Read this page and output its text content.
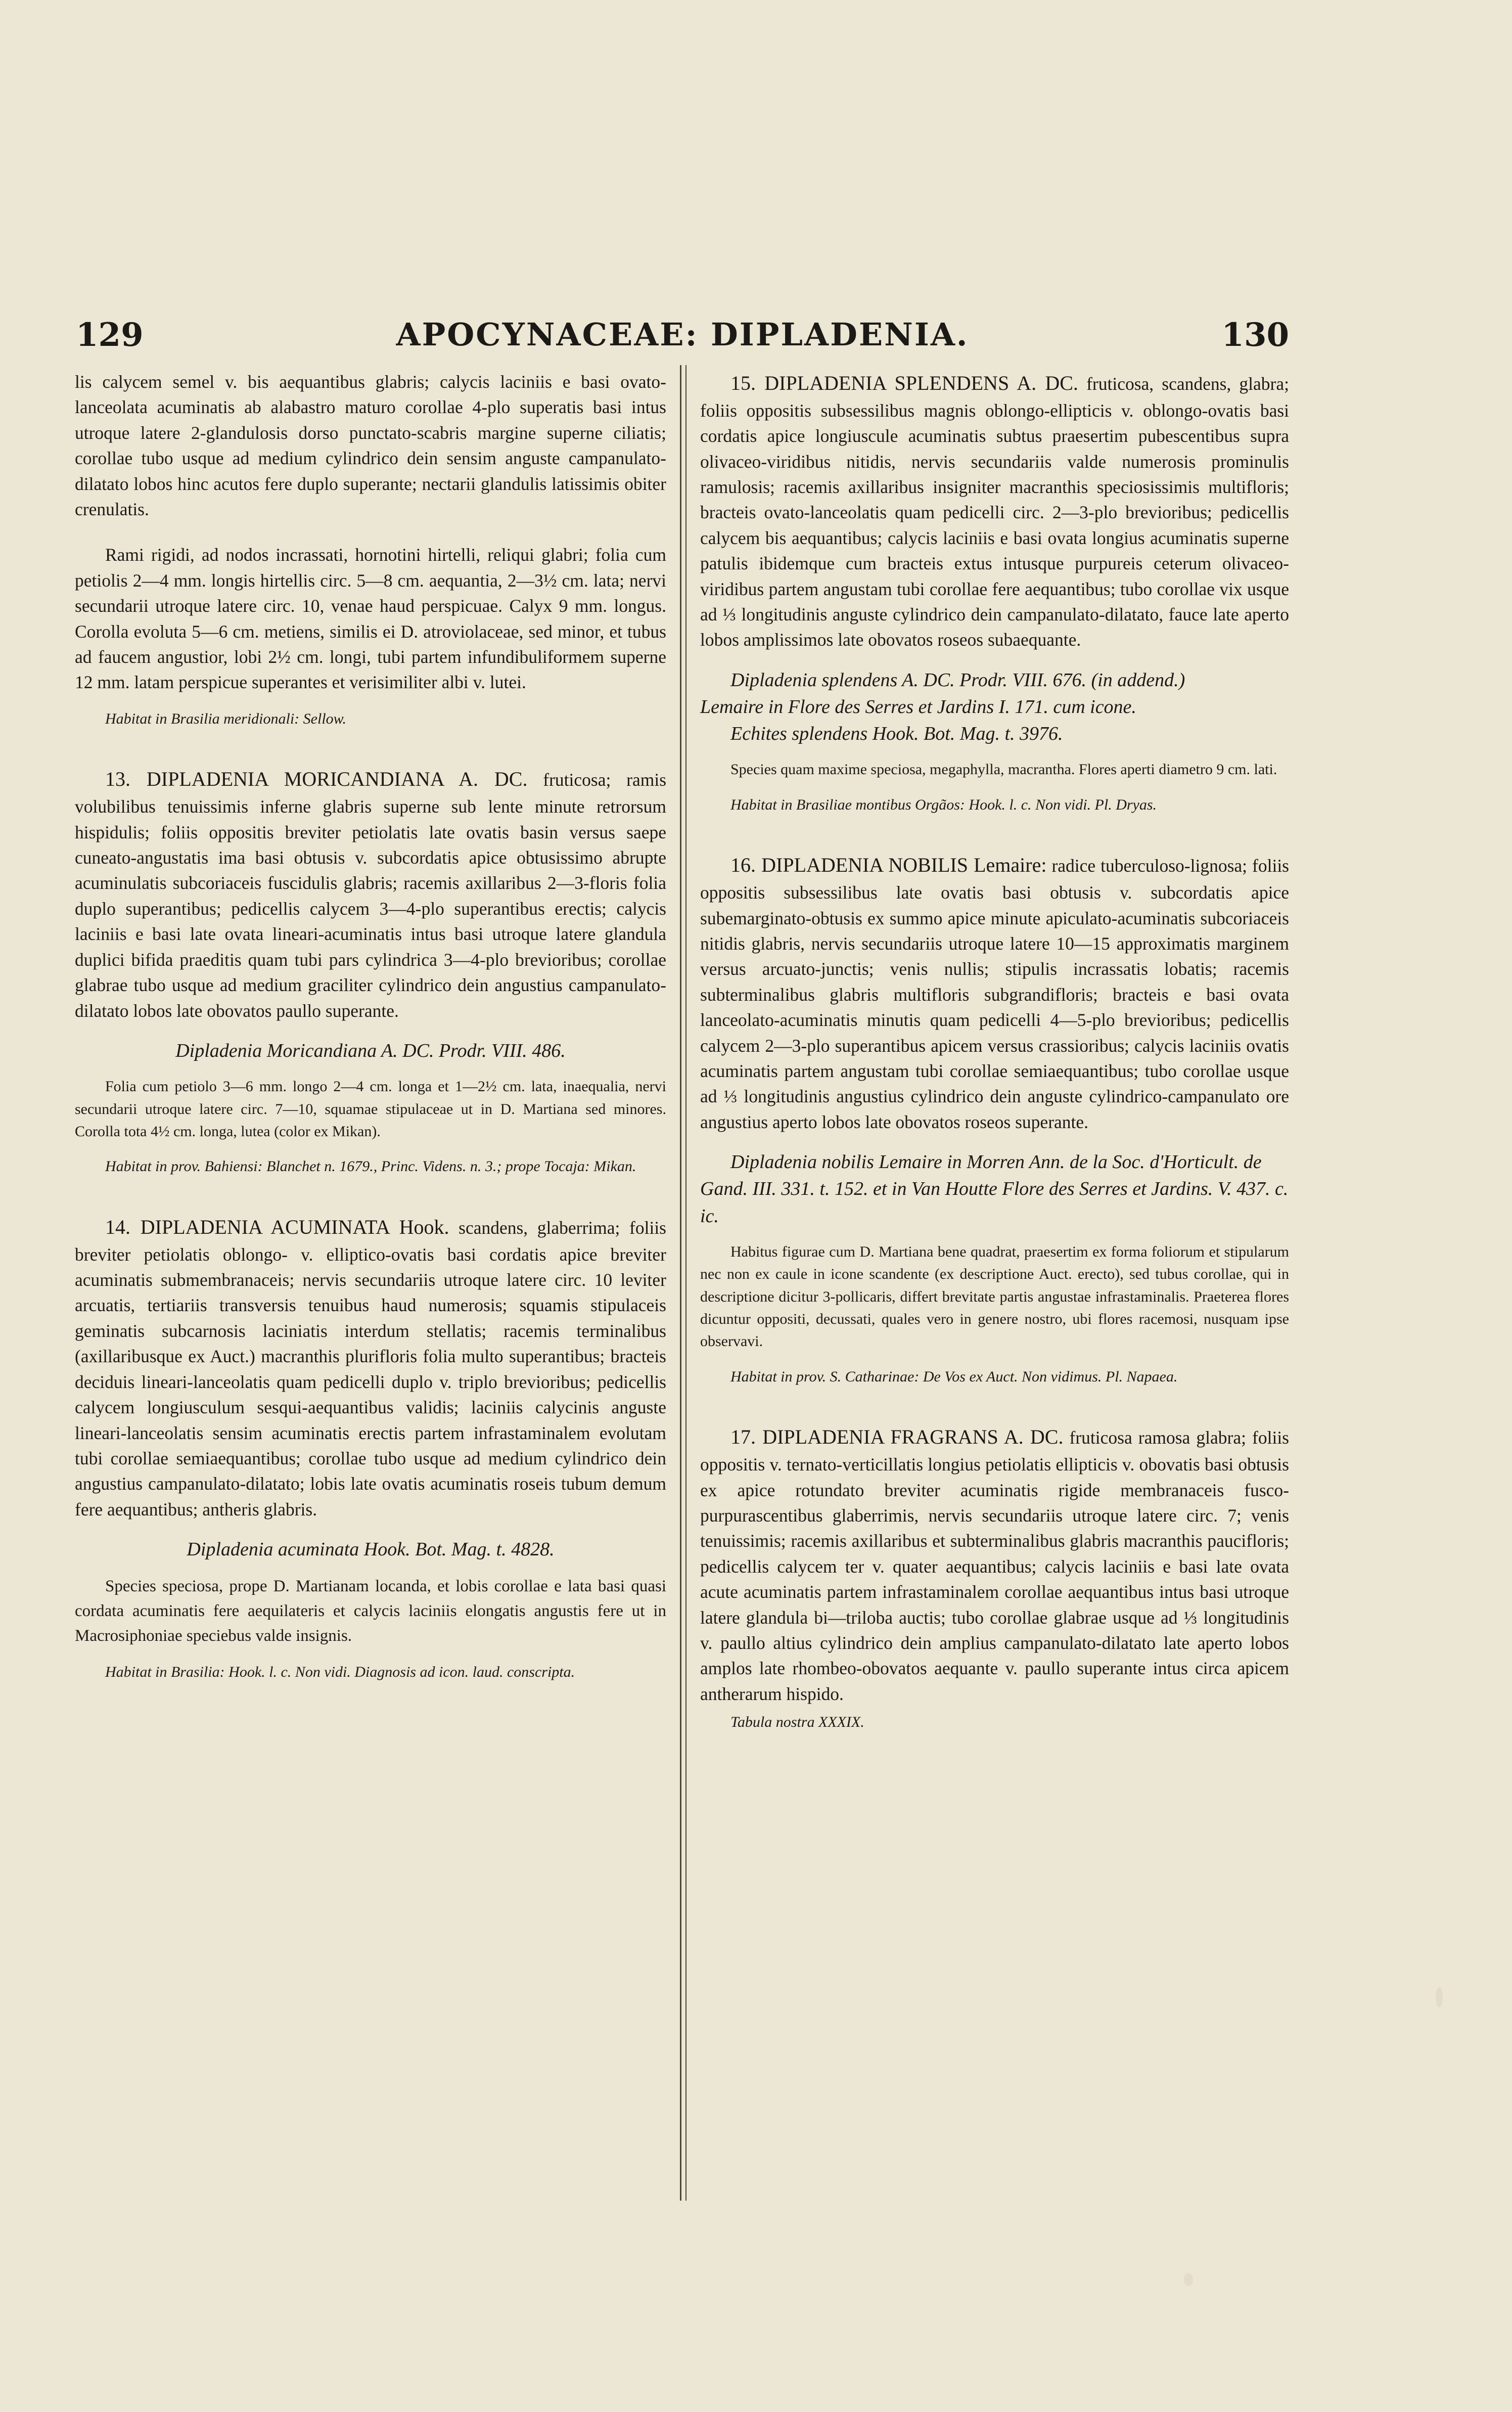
129	APOCYNACEAE: DIPLADENIA.	130

lis calycem semel v. bis aequantibus glabris; calycis laciniis e basi ovato-lanceolata acuminatis ab alabastro maturo corollae 4-plo superatis basi intus utroque latere 2-glandulosis dorso punctato-scabris margine superne ciliatis; corollae tubo usque ad medium cylindrico dein sensim anguste campanulato-dilatato lobos hinc acutos fere duplo superante; nectarii glandulis latissimis obiter crenulatis.

Rami rigidi, ad nodos incrassati, hornotini hirtelli, reliqui glabri; folia cum petiolis 2—4 mm. longis hirtellis circ. 5—8 cm. aequantia, 2—3½ cm. lata; nervi secundarii utroque latere circ. 10, venae haud perspicuae. Calyx 9 mm. longus. Corolla evoluta 5—6 cm. metiens, similis ei D. atroviolaceae, sed minor, et tubus ad faucem angustior, lobi 2½ cm. longi, tubi partem infundibuliformem superne 12 mm. latam perspicue superantes et verisimiliter albi v. lutei.

Habitat in Brasilia meridionali: Sellow.

13. DIPLADENIA MORICANDIANA A. DC. fruticosa; ramis volubilibus tenuissimis inferne glabris superne sub lente minute retrorsum hispidulis; foliis oppositis breviter petiolatis late ovatis basin versus saepe cuneato-angustatis ima basi obtusis v. subcordatis apice obtusissimo abrupte acuminulatis subcoriaceis fuscidulis glabris; racemis axillaribus 2—3-floris folia duplo superantibus; pedicellis calycem 3—4-plo superantibus erectis; calycis laciniis e basi late ovata lineari-acuminatis intus basi utroque latere glandula duplici bifida praeditis quam tubi pars cylindrica 3—4-plo brevioribus; corollae glabrae tubo usque ad medium graciliter cylindrico dein angustius campanulato-dilatato lobos late obovatos paullo superante.

Dipladenia Moricandiana A. DC. Prodr. VIII. 486.

Folia cum petiolo 3—6 mm. longo 2—4 cm. longa et 1—2½ cm. lata, inaequalia, nervi secundarii utroque latere circ. 7—10, squamae stipulaceae ut in D. Martiana sed minores. Corolla tota 4½ cm. longa, lutea (color ex Mikan).

Habitat in prov. Bahiensi: Blanchet n. 1679., Princ. Videns. n. 3.; prope Tocaja: Mikan.

14. DIPLADENIA ACUMINATA Hook. scandens, glaberrima; foliis breviter petiolatis oblongo- v. elliptico-ovatis basi cordatis apice breviter acuminatis submembranaceis; nervis secundariis utroque latere circ. 10 leviter arcuatis, tertiariis transversis tenuibus haud numerosis; squamis stipulaceis geminatis subcarnosis laciniatis interdum stellatis; racemis terminalibus (axillaribusque ex Auct.) macranthis plurifloris folia multo superantibus; bracteis deciduis lineari-lanceolatis quam pedicelli duplo v. triplo brevioribus; pedicellis calycem longiusculum sesqui-aequantibus validis; laciniis calycinis anguste lineari-lanceolatis sensim acuminatis erectis partem infrastaminalem evolutam tubi corollae semiaequantibus; corollae tubo usque ad medium cylindrico dein angustius campanulato-dilatato; lobis late ovatis acuminatis roseis tubum demum fere aequantibus; antheris glabris.

Dipladenia acuminata Hook. Bot. Mag. t. 4828.

Species speciosa, prope D. Martianam locanda, et lobis corollae e lata basi quasi cordata acuminatis fere aequilateris et calycis laciniis elongatis angustis fere ut in Macrosiphoniae speciebus valde insignis.

Habitat in Brasilia: Hook. l. c. Non vidi. Diagnosis ad icon. laud. conscripta.

15. DIPLADENIA SPLENDENS A. DC. fruticosa, scandens, glabra; foliis oppositis subsessilibus magnis oblongo-ellipticis v. oblongo-ovatis basi cordatis apice longiuscule acuminatis subtus praesertim pubescentibus supra olivaceo-viridibus nitidis, nervis secundariis valde numerosis prominulis ramulosis; racemis axillaribus insigniter macranthis speciosissimis multifloris; bracteis ovato-lanceolatis quam pedicelli circ. 2—3-plo brevioribus; pedicellis calycem bis aequantibus; calycis laciniis e basi ovata longius acuminatis superne patulis ibidemque cum bracteis extus intusque purpureis ceterum olivaceo-viridibus partem angustam tubi corollae fere aequantibus; tubo corollae vix usque ad ⅓ longitudinis anguste cylindrico dein campanulato-dilatato, fauce late aperto lobos amplissimos late obovatos roseos subaequante.

Dipladenia splendens A. DC. Prodr. VIII. 676. (in addend.)

Lemaire in Flore des Serres et Jardins I. 171. cum icone.

Echites splendens Hook. Bot. Mag. t. 3976.

Species quam maxime speciosa, megaphylla, macrantha. Flores aperti diametro 9 cm. lati.

Habitat in Brasiliae montibus Orgãos: Hook. l. c. Non vidi. Pl. Dryas.

16. DIPLADENIA NOBILIS Lemaire: radice tuberculoso-lignosa; foliis oppositis subsessilibus late ovatis basi obtusis v. subcordatis apice subemarginato-obtusis ex summo apice minute apiculato-acuminatis subcoriaceis nitidis glabris, nervis secundariis utroque latere 10—15 approximatis marginem versus arcuato-junctis; venis nullis; stipulis incrassatis lobatis; racemis subterminalibus glabris multifloris subgrandifloris; bracteis e basi ovata lanceolato-acuminatis minutis quam pedicelli 4—5-plo brevioribus; pedicellis calycem 2—3-plo superantibus apicem versus crassioribus; calycis laciniis ovatis acuminatis partem angustam tubi corollae semiaequantibus; tubo corollae usque ad ⅓ longitudinis angustius cylindrico dein anguste cylindrico-campanulato ore angustius aperto lobos late obovatos roseos superante.

Dipladenia nobilis Lemaire in Morren Ann. de la Soc. d'Horticult. de Gand. III. 331. t. 152. et in Van Houtte Flore des Serres et Jardins. V. 437. c. ic.

Habitus figurae cum D. Martiana bene quadrat, praesertim ex forma foliorum et stipularum nec non ex caule in icone scandente (ex descriptione Auct. erecto), sed tubus corollae, qui in descriptione dicitur 3-pollicaris, differt brevitate partis angustae infrastaminalis. Praeterea flores dicuntur oppositi, decussati, quales vero in genere nostro, ubi flores racemosi, nusquam ipse observavi.

Habitat in prov. S. Catharinae: De Vos ex Auct. Non vidimus. Pl. Napaea.

17. DIPLADENIA FRAGRANS A. DC. fruticosa ramosa glabra; foliis oppositis v. ternato-verticillatis longius petiolatis ellipticis v. obovatis basi obtusis ex apice rotundato breviter acuminatis rigide membranaceis fusco-purpurascentibus glaberrimis, nervis secundariis utroque latere circ. 7; venis tenuissimis; racemis axillaribus et subterminalibus glabris macranthis paucifloris; pedicellis calycem ter v. quater aequantibus; calycis laciniis e basi late ovata acute acuminatis partem infrastaminalem corollae aequantibus intus basi utroque latere glandula bi—triloba auctis; tubo corollae glabrae usque ad ⅓ longitudinis v. paullo altius cylindrico dein amplius campanulato-dilatato late aperto lobos amplos late rhombeo-obovatos aequante v. paullo superante intus circa apicem antherarum hispido.

Tabula nostra XXXIX.
